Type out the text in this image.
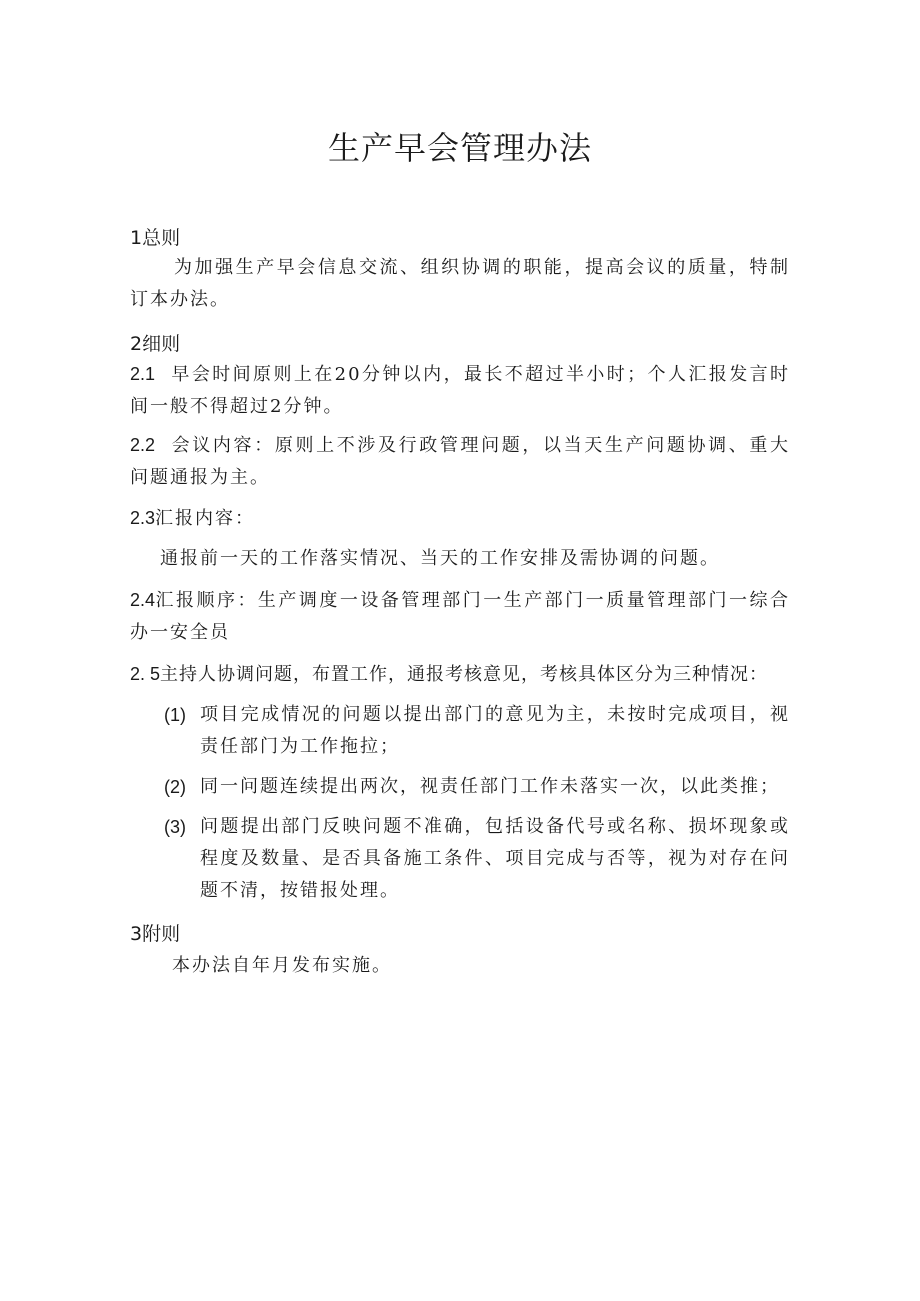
生产早会管理办法
1总则

为加强生产早会信息交流、组织协调的职能，提高会议的质量，特制订本办法。

2细则

2.1 早会时间原则上在20分钟以内，最长不超过半小时；个人汇报发言时间一般不得超过2分钟。

2.2 会议内容：原则上不涉及行政管理问题，以当天生产问题协调、重大问题通报为主。

2.3汇报内容：

通报前一天的工作落实情况、当天的工作安排及需协调的问题。

2.4汇报顺序：生产调度一设备管理部门一生产部门一质量管理部门一综合办一安全员

2. 5主持人协调问题，布置工作，通报考核意见，考核具体区分为三种情况：

(1) 项目完成情况的问题以提出部门的意见为主，未按时完成项目，视责任部门为工作拖拉；

(2) 同一问题连续提出两次，视责任部门工作未落实一次，以此类推；

(3) 问题提出部门反映问题不准确，包括设备代号或名称、损坏现象或程度及数量、是否具备施工条件、项目完成与否等，视为对存在问题不清，按错报处理。

3附则

本办法自年月发布实施。
